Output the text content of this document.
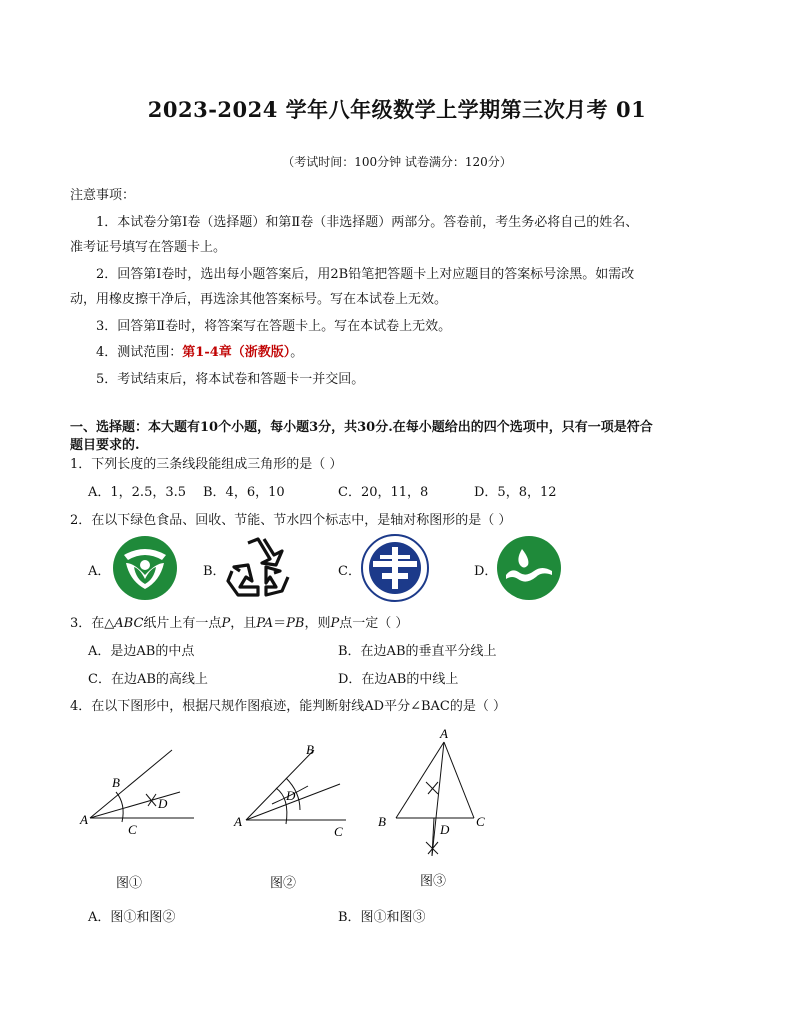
2023-2024 学年八年级数学上学期第三次月考 01
（考试时间：100分钟 试卷满分：120分）
注意事项：
1．本试卷分第Ⅰ卷（选择题）和第Ⅱ卷（非选择题）两部分。答卷前，考生务必将自己的姓名、
准考证号填写在答题卡上。
2．回答第Ⅰ卷时，选出每小题答案后，用2B铅笔把答题卡上对应题目的答案标号涂黑。如需改
动，用橡皮擦干净后，再选涂其他答案标号。写在本试卷上无效。
3．回答第Ⅱ卷时，将答案写在答题卡上。写在本试卷上无效。
4．测试范围：第1-4章（浙教版）。
5．考试结束后，将本试卷和答题卡一并交回。
一、选择题：本大题有10个小题，每小题3分，共30分.在每小题给出的四个选项中，只有一项是符合
题目要求的.
1．下列长度的三条线段能组成三角形的是（ ）
A．1，2.5，3.5 B．4，6，10	C．20，11，8	D．5，8，12
2．在以下绿色食品、回收、节能、节水四个标志中，是轴对称图形的是（ ）
A．	B．	C．	D．
3．在△ABC纸片上有一点P，且PA＝PB，则P点一定（ ）
A．是边AB的中点	B．在边AB的垂直平分线上
C．在边AB的高线上	D．在边AB的中线上
4．在以下图形中，根据尺规作图痕迹，能判断射线AD平分∠BAC的是（ ）
A
B
C
D
图①
A
B
C
D
图②
A
B	C
D
图③
A．图①和图②	B．图①和图③
